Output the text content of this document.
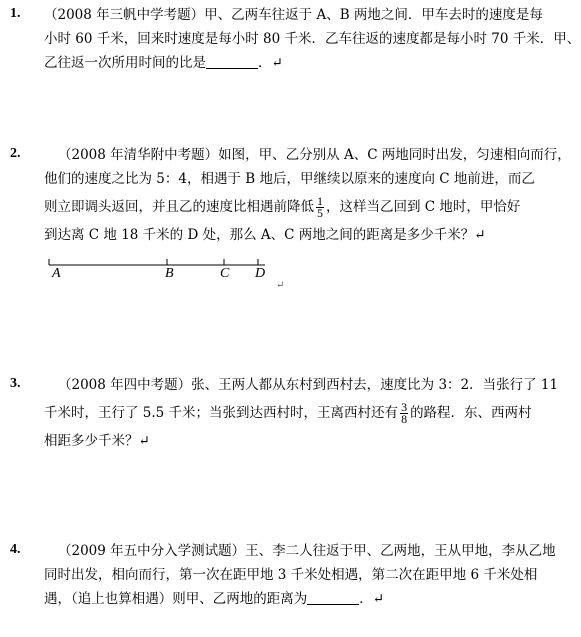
1. （2008 年三帆中学考题）甲、乙两车往返于 A、B 两地之间．甲车去时的速度是每
小时 60 千米，回来时速度是每小时 80 千米．乙车往返的速度都是每小时 70 千米．甲、
乙往返一次所用时间的比是	．↵
2.	（2008 年清华附中考题）如图，甲、乙分别从 A、C 两地同时出发，匀速相向而行，
他们的速度之比为 5：4，相遇于 B 地后，甲继续以原来的速度向 C 地前进，而乙
则立即调头返回，并且乙的速度比相遇前降低 $\frac{1}{5}$ ，这样当乙回到 C 地时，甲恰好
到达离 C 地 18 千米的 D 处，那么 A、C 两地之间的距离是多少千米？↵
A	B	C D
↵
3.	（2008 年四中考题）张、王两人都从东村到西村去，速度比为 3：2．当张行了 11
千米时，王行了 5.5 千米；当张到达西村时，王离西村还有 $\frac{3}{8}$ 的路程．东、西两村
相距多少千米？↵
4.	（2009 年五中分入学测试题）王、李二人往返于甲、乙两地，王从甲地，李从乙地
同时出发，相向而行，第一次在距甲地 3 千米处相遇，第二次在距甲地 6 千米处相
遇，（追上也算相遇）则甲、乙两地的距离为	．↵
